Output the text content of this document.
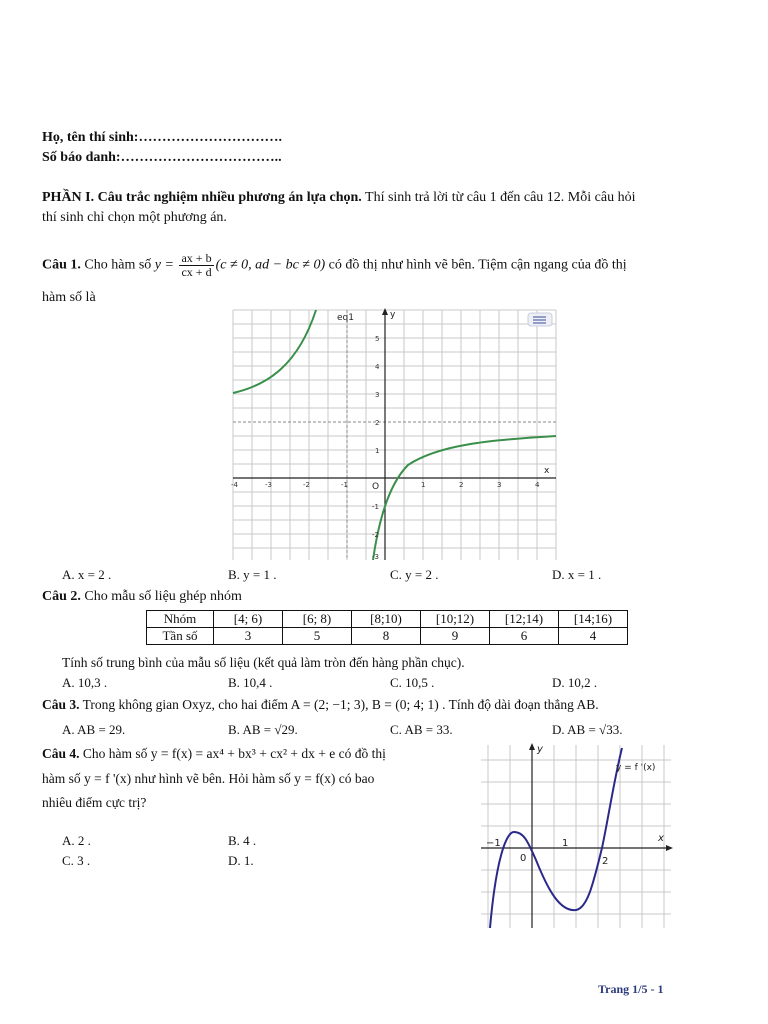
Họ, tên thí sinh:………………………….
Số báo danh:……………………………..
PHẦN I. Câu trắc nghiệm nhiều phương án lựa chọn. Thí sinh trả lời từ câu 1 đến câu 12. Mỗi câu hỏi
thí sinh chỉ chọn một phương án.
Câu 1. Cho hàm số $y = \frac{ax + b}{cx + d} (c \ne 0$, ad − bc ≠ 0) có đồ thị như hình vẽ bên. Tiệm cận ngang của đồ thị
hàm số là
eq1	y
x
O
-4	-3	-2	-1	1	2	3	4
5
4
3
2
1
-1
-2
-3
A. x = 2 .	B. y = 1 .	C. y = 2 .	D. x = 1 .
Câu 2. Cho mẫu số liệu ghép nhóm
Nhóm	[4; 6)	[6; 8)	[8;10)	[10;12)	[12;14)	[14;16)
Tần số	3	5	8	9	6	4
Tính số trung bình của mẫu số liệu (kết quả làm tròn đến hàng phần chục).
A. 10,3 .	B. 10,4 .	C. 10,5 .	D. 10,2 .
Câu 3. Trong không gian Oxyz, cho hai điểm A = (2; −1; 3), B = (0; 4; 1) . Tính độ dài đoạn thẳng AB.
A. AB = 29.	B. AB = √29.	C. AB = 33.	D. AB = √33.
Câu 4. Cho hàm số y = f(x) = ax⁴ + bx³ + cx² + dx + e có đồ thị
hàm số y = f '(x) như hình vẽ bên. Hỏi hàm số y = f(x) có bao
nhiêu điểm cực trị?
A. 2 .	B. 4 .
C. 3 .	D. 1.
y
x
y = f '(x)
−1	1
0	2
Trang 1/5 - 1
